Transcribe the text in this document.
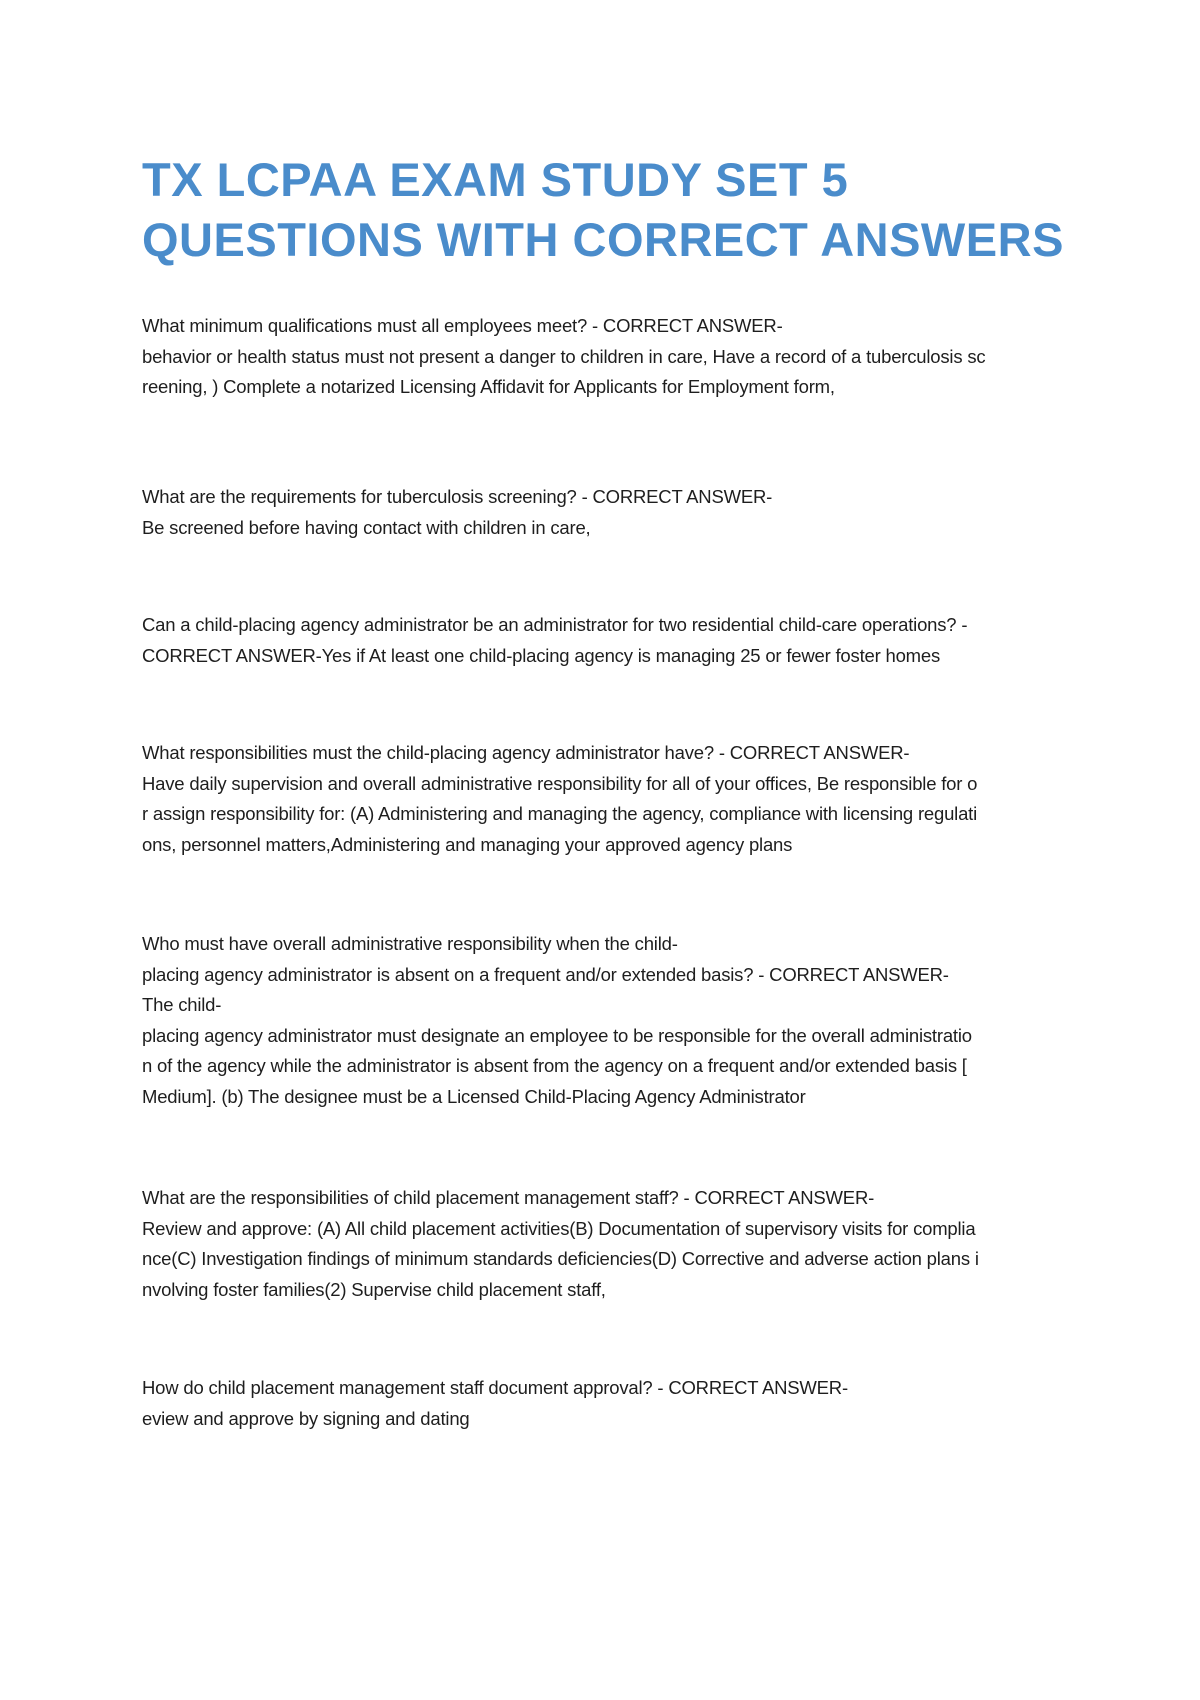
TX LCPAA EXAM STUDY SET 5
QUESTIONS WITH CORRECT ANSWERS
What minimum qualifications must all employees meet? - CORRECT ANSWER-
behavior or health status must not present a danger to children in care, Have a record of a tuberculosis sc
reening, ) Complete a notarized Licensing Affidavit for Applicants for Employment form,
What are the requirements for tuberculosis screening? - CORRECT ANSWER-
Be screened before having contact with children in care,
Can a child-placing agency administrator be an administrator for two residential child-care operations? -
CORRECT ANSWER-Yes if At least one child-placing agency is managing 25 or fewer foster homes
What responsibilities must the child-placing agency administrator have? - CORRECT ANSWER-
Have daily supervision and overall administrative responsibility for all of your offices, Be responsible for o
r assign responsibility for: (A) Administering and managing the agency, compliance with licensing regulati
ons, personnel matters,Administering and managing your approved agency plans
Who must have overall administrative responsibility when the child-
placing agency administrator is absent on a frequent and/or extended basis? - CORRECT ANSWER-
The child-
placing agency administrator must designate an employee to be responsible for the overall administratio
n of the agency while the administrator is absent from the agency on a frequent and/or extended basis [
Medium]. (b) The designee must be a Licensed Child-Placing Agency Administrator
What are the responsibilities of child placement management staff? - CORRECT ANSWER-
Review and approve: (A) All child placement activities(B) Documentation of supervisory visits for complia
nce(C) Investigation findings of minimum standards deficiencies(D) Corrective and adverse action plans i
nvolving foster families(2) Supervise child placement staff,
How do child placement management staff document approval? - CORRECT ANSWER-
eview and approve by signing and dating
